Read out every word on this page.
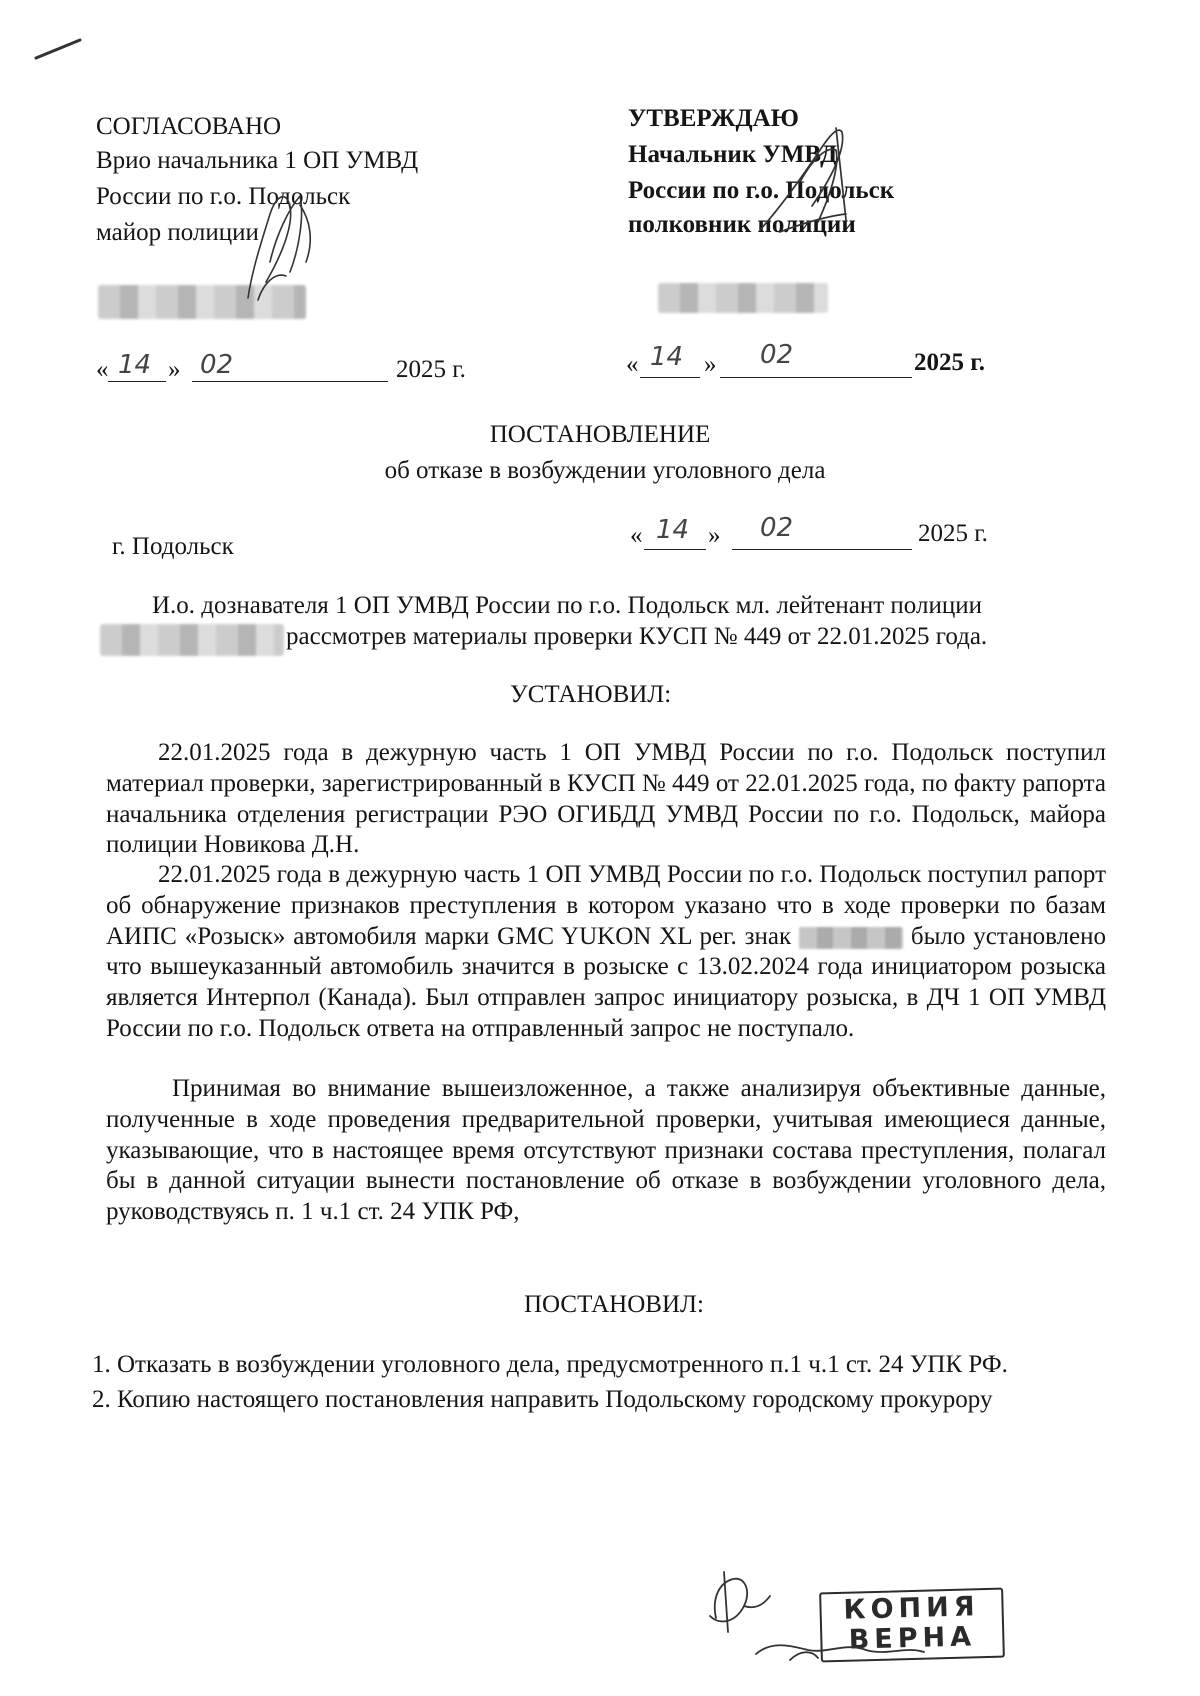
СОГЛАСОВАНО
Врио начальника 1 ОП УМВД
России по г.о. Подольск
майор полиции
« 14 » 02	2025 г.
УТВЕРЖДАЮ
Начальник УМВД
России по г.о. Подольск
полковник полиции
« 14 » 02	2025 г.
ПОСТАНОВЛЕНИЕ
об отказе в возбуждении уголовного дела
г. Подольск	« 14 » 02	2025 г.
И.о. дознавателя 1 ОП УМВД России по г.о. Подольск мл. лейтенант полиции
рассмотрев материалы проверки КУСП № 449 от 22.01.2025 года.
УСТАНОВИЛ:
22.01.2025 года в дежурную часть 1 ОП УМВД России по г.о. Подольск поступил материал проверки, зарегистрированный в КУСП № 449 от 22.01.2025 года, по факту рапорта начальника отделения регистрации РЭО ОГИБДД УМВД России по г.о. Подольск, майора полиции Новикова Д.Н.
22.01.2025 года в дежурную часть 1 ОП УМВД России по г.о. Подольск поступил рапорт об обнаружение признаков преступления в котором указано что в ходе проверки по базам АИПС «Розыск» автомобиля марки GMC YUKON XL рег. знак	было установлено что вышеуказанный автомобиль значится в розыске с 13.02.2024 года инициатором розыска является Интерпол (Канада). Был отправлен запрос инициатору розыска, в ДЧ 1 ОП УМВД России по г.о. Подольск ответа на отправленный запрос не поступало.
Принимая во внимание вышеизложенное, а также анализируя объективные данные, полученные в ходе проведения предварительной проверки, учитывая имеющиеся данные, указывающие, что в настоящее время отсутствуют признаки состава преступления, полагал бы в данной ситуации вынести постановление об отказе в возбуждении уголовного дела, руководствуясь п. 1 ч.1 ст. 24 УПК РФ,
ПОСТАНОВИЛ:
1. Отказать в возбуждении уголовного дела, предусмотренного п.1 ч.1 ст. 24 УПК РФ.
2. Копию настоящего постановления направить Подольскому городскому прокурору
КОПИЯ
ВЕРНА
